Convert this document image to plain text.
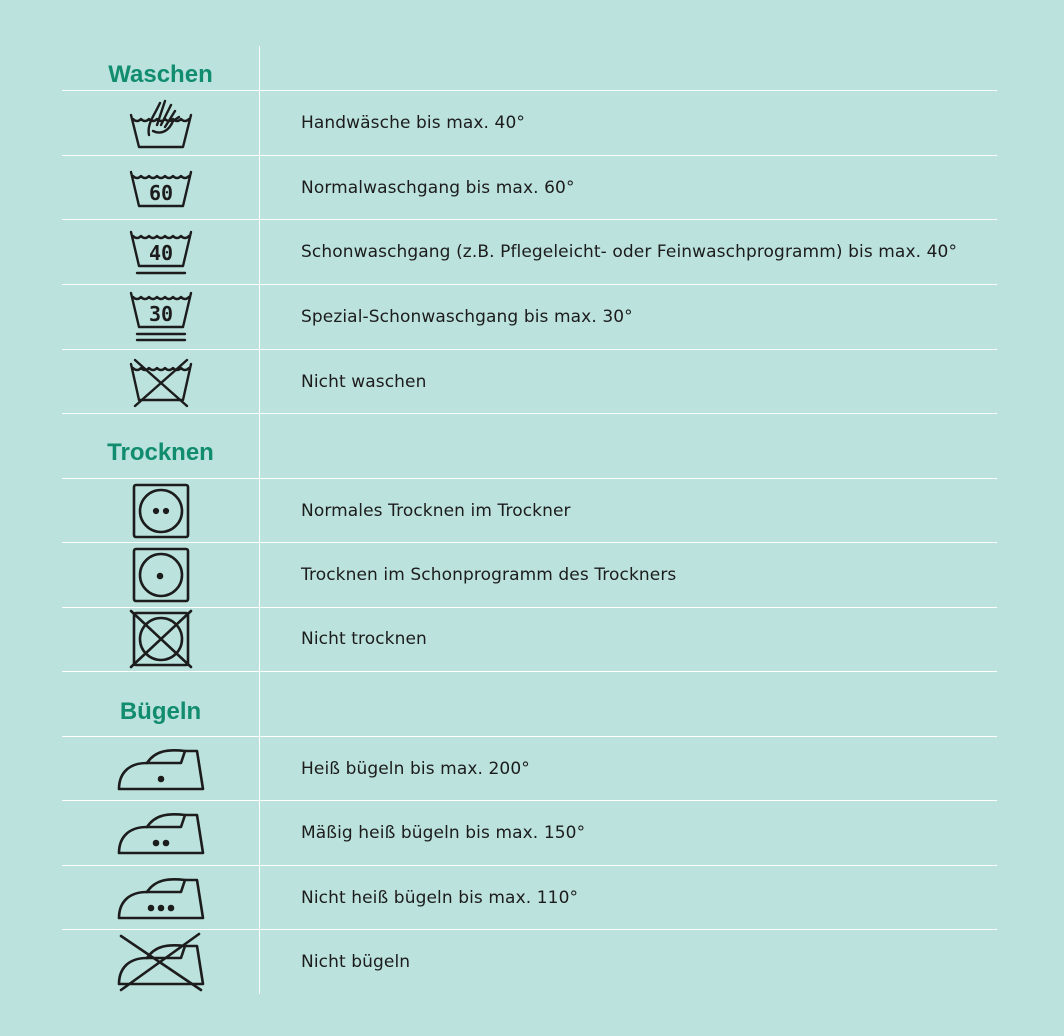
Waschen
Handwäsche bis max. 40°
60	Normalwaschgang bis max. 60°
40	Schonwaschgang (z.B. Pflegeleicht- oder Feinwaschprogramm) bis max. 40°
30	Spezial-Schonwaschgang bis max. 30°
Nicht waschen
Trocknen
Normales Trocknen im Trockner
Trocknen im Schonprogramm des Trockners
Nicht trocknen
Bügeln
Heiß bügeln bis max. 200°
Mäßig heiß bügeln bis max. 150°
Nicht heiß bügeln bis max. 110°
Nicht bügeln
